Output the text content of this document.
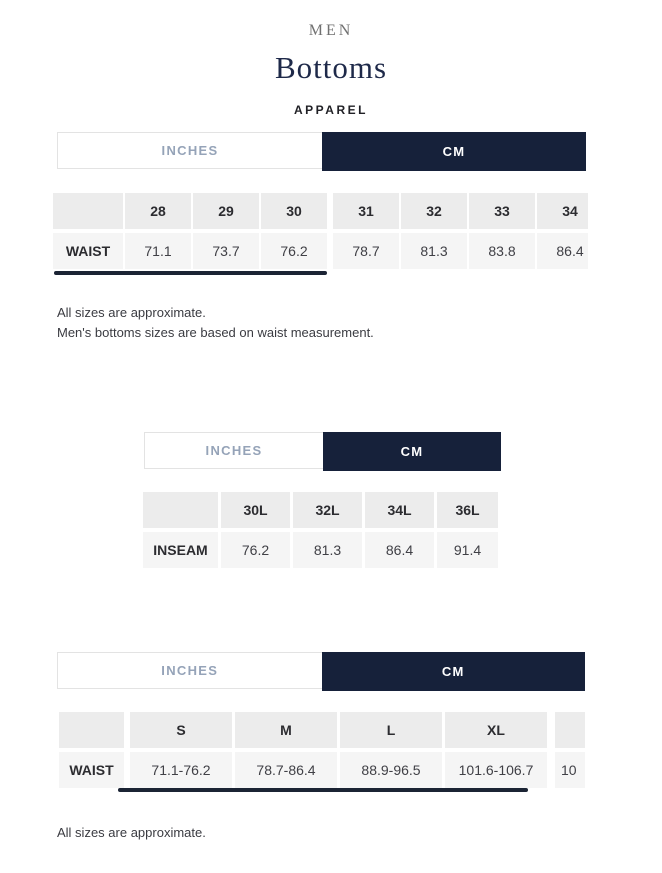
MEN
Bottoms
APPAREL
INCHES	CM
28	29	30	31	32	33	34
WAIST	71.1	73.7	76.2	78.7	81.3	83.8	86.4
All sizes are approximate.
Men's bottoms sizes are based on waist measurement.
INCHES	CM
30L	32L	34L	36L
INSEAM	76.2	81.3	86.4	91.4
INCHES	CM
S	M	L	XL
WAIST	71.1-76.2	78.7-86.4	88.9-96.5	101.6-106.7	10
All sizes are approximate.
